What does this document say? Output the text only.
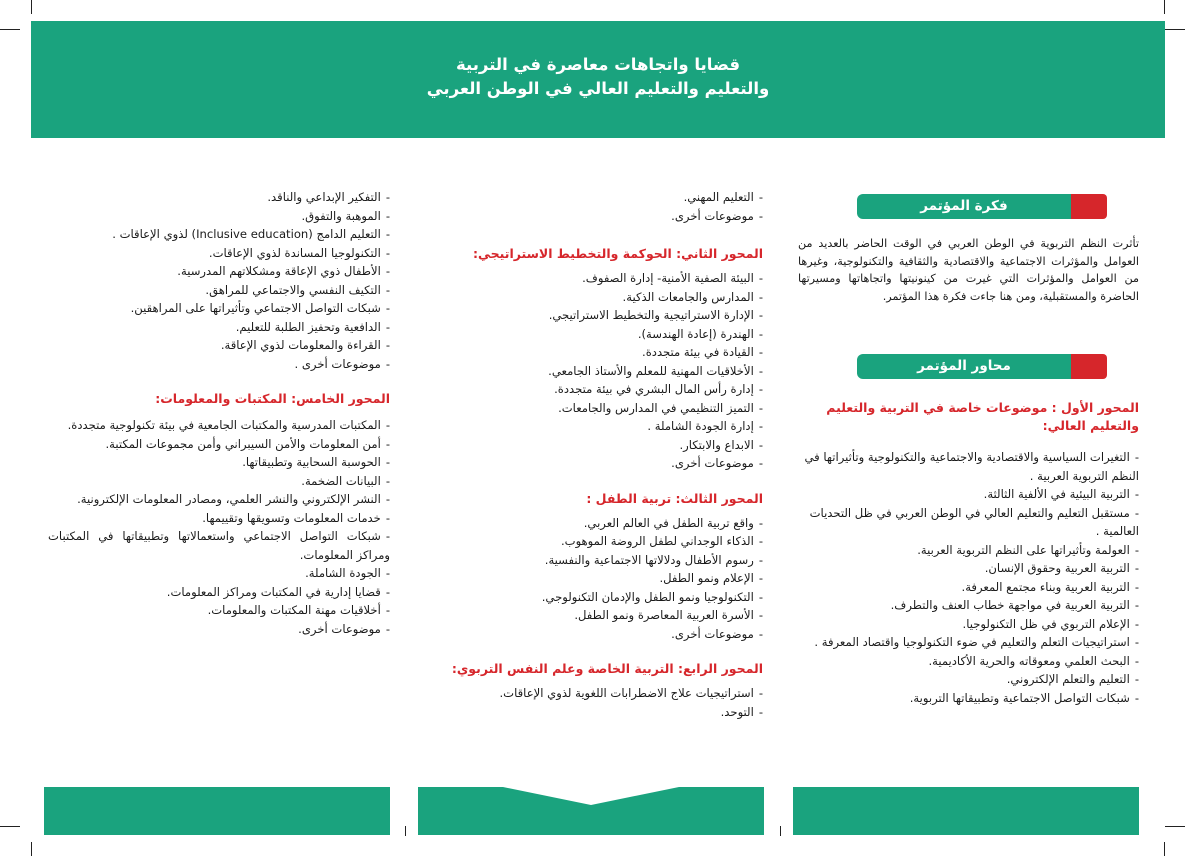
قضايا واتجاهات معاصرة في التربية
والتعليم والتعليم العالي في الوطن العربي
فكرة المؤتمر
تأثرت النظم التربوية في الوطن العربي في الوقت الحاضر بالعديد من العوامل والمؤثرات الاجتماعية والاقتصادية والثقافية والتكنولوجية، وغيرها من العوامل والمؤثرات التي غيرت من كينونيتها واتجاهاتها ومسيرتها الحاضرة والمستقبلية، ومن هنا جاءت فكرة هذا المؤتمر.
محاور المؤتمر
المحور الأول : موضوعات خاصة في التربية والتعليم والتعليم العالي:
-التغيرات السياسية والاقتصادية والاجتماعية والتكنولوجية وتأثيراتها في النظم التربوية العربية .
-التربية البيئية في الألفية الثالثة.
-مستقبل التعليم والتعليم العالي في الوطن العربي في ظل التحديات العالمية .
-العولمة وتأثيراتها على النظم التربوية العربية.
-التربية العربية وحقوق الإنسان.
-التربية العربية وبناء مجتمع المعرفة.
-التربية العربية في مواجهة خطاب العنف والتطرف.
-الإعلام التربوي في ظل التكنولوجيا.
-استراتيجيات التعلم والتعليم في ضوء التكنولوجيا واقتصاد المعرفة .
-البحث العلمي ومعوقاته والحرية الأكاديمية.
-التعليم والتعلم الإلكتروني.
-شبكات التواصل الاجتماعية وتطبيقاتها التربوية.
-التعليم المهني.
-موضوعات أخرى.
المحور الثاني: الحوكمة والتخطيط الاستراتيجي:
-البيئة الصفية الأمنية- إدارة الصفوف.
-المدارس والجامعات الذكية.
-الإدارة الاستراتيجية والتخطيط الاستراتيجي.
-الهندرة (إعادة الهندسة).
-القيادة في بيئة متجددة.
-الأخلاقيات المهنية للمعلم والأستاذ الجامعي.
-إدارة رأس المال البشري في بيئة متجددة.
-التميز التنظيمي في المدارس والجامعات.
-إدارة الجودة الشاملة .
-الابداع والابتكار.
-موضوعات أخرى.
المحور الثالث: تربية الطفل :
-واقع تربية الطفل في العالم العربي.
-الذكاء الوجداني لطفل الروضة الموهوب.
-رسوم الأطفال ودلالاتها الاجتماعية والنفسية.
-الإعلام ونمو الطفل.
-التكنولوجيا ونمو الطفل والإدمان التكنولوجي.
-الأسرة العربية المعاصرة ونمو الطفل.
-موضوعات أخرى.
المحور الرابع: التربية الخاصة وعلم النفس التربوي:
-استراتيجيات علاج الاضطرابات اللغوية لذوي الإعاقات.
-التوحد.
-التفكير الإبداعي والناقد.
-الموهبة والتفوق.
-التعليم الدامج (Inclusive education) لذوي الإعاقات .
-التكنولوجيا المساندة لذوي الإعاقات.
-الأطفال ذوي الإعاقة ومشكلاتهم المدرسية.
-التكيف النفسي والاجتماعي للمراهق.
-شبكات التواصل الاجتماعي وتأثيراتها على المراهقين.
-الدافعية وتحفيز الطلبة للتعليم.
-القراءة والمعلومات لذوي الإعاقة.
-موضوعات أخرى .
المحور الخامس: المكتبات والمعلومات:
-المكتبات المدرسية والمكتبات الجامعية في بيئة تكنولوجية متجددة.
-أمن المعلومات والأمن السيبراني وأمن مجموعات المكتبة.
-الحوسبة السحابية وتطبيقاتها.
-البيانات الضخمة.
-النشر الإلكتروني والنشر العلمي، ومصادر المعلومات الإلكترونية.
-خدمات المعلومات وتسويقها وتقييمها.
-شبكات التواصل الاجتماعي واستعمالاتها وتطبيقاتها في المكتبات ومراكز المعلومات.
-الجودة الشاملة.
-قضايا إدارية في المكتبات ومراكز المعلومات.
-أخلاقيات مهنة المكتبات والمعلومات.
-موضوعات أخرى.
